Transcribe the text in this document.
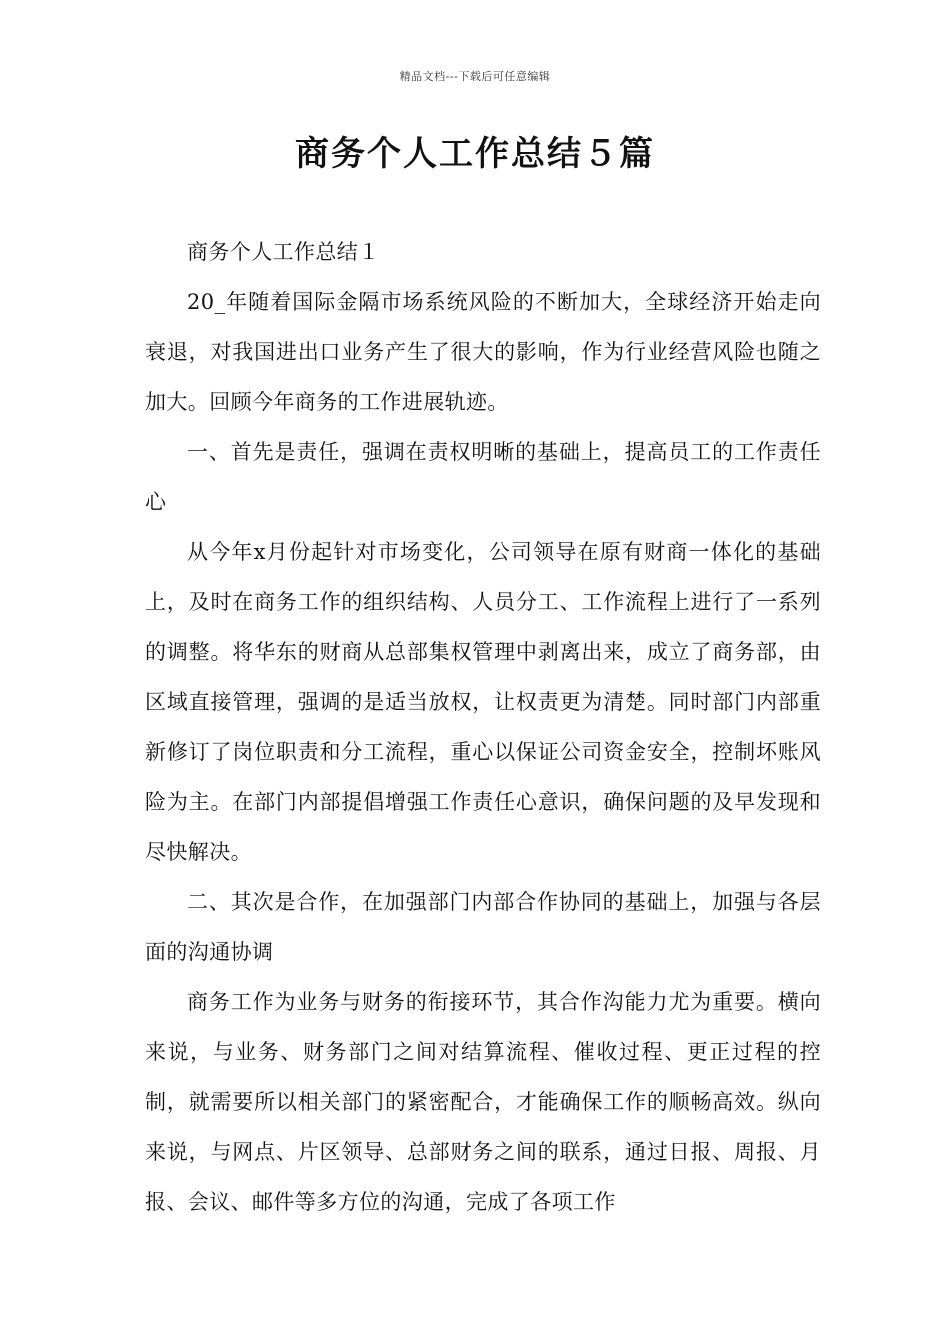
精品文档---下载后可任意编辑
商务个人工作总结５篇

商务个人工作总结１

20_年随着国际金隔市场系统风险的不断加大，全球经济开始走向衰退，对我国进出口业务产生了很大的影响，作为行业经营风险也随之加大。回顾今年商务的工作进展轨迹。

一、首先是责任，强调在责权明晰的基础上，提高员工的工作责任心

从今年x月份起针对市场变化，公司领导在原有财商一体化的基础上，及时在商务工作的组织结构、人员分工、工作流程上进行了一系列的调整。将华东的财商从总部集权管理中剥离出来，成立了商务部，由区域直接管理，强调的是适当放权，让权责更为清楚。同时部门内部重新修订了岗位职责和分工流程，重心以保证公司资金安全，控制坏账风险为主。在部门内部提倡增强工作责任心意识，确保问题的及早发现和尽快解决。

二、其次是合作，在加强部门内部合作协同的基础上，加强与各层面的沟通协调

商务工作为业务与财务的衔接环节，其合作沟能力尤为重要。横向来说，与业务、财务部门之间对结算流程、催收过程、更正过程的控制，就需要所以相关部门的紧密配合，才能确保工作的顺畅高效。纵向来说，与网点、片区领导、总部财务之间的联系，通过日报、周报、月报、会议、邮件等多方位的沟通，完成了各项工作
